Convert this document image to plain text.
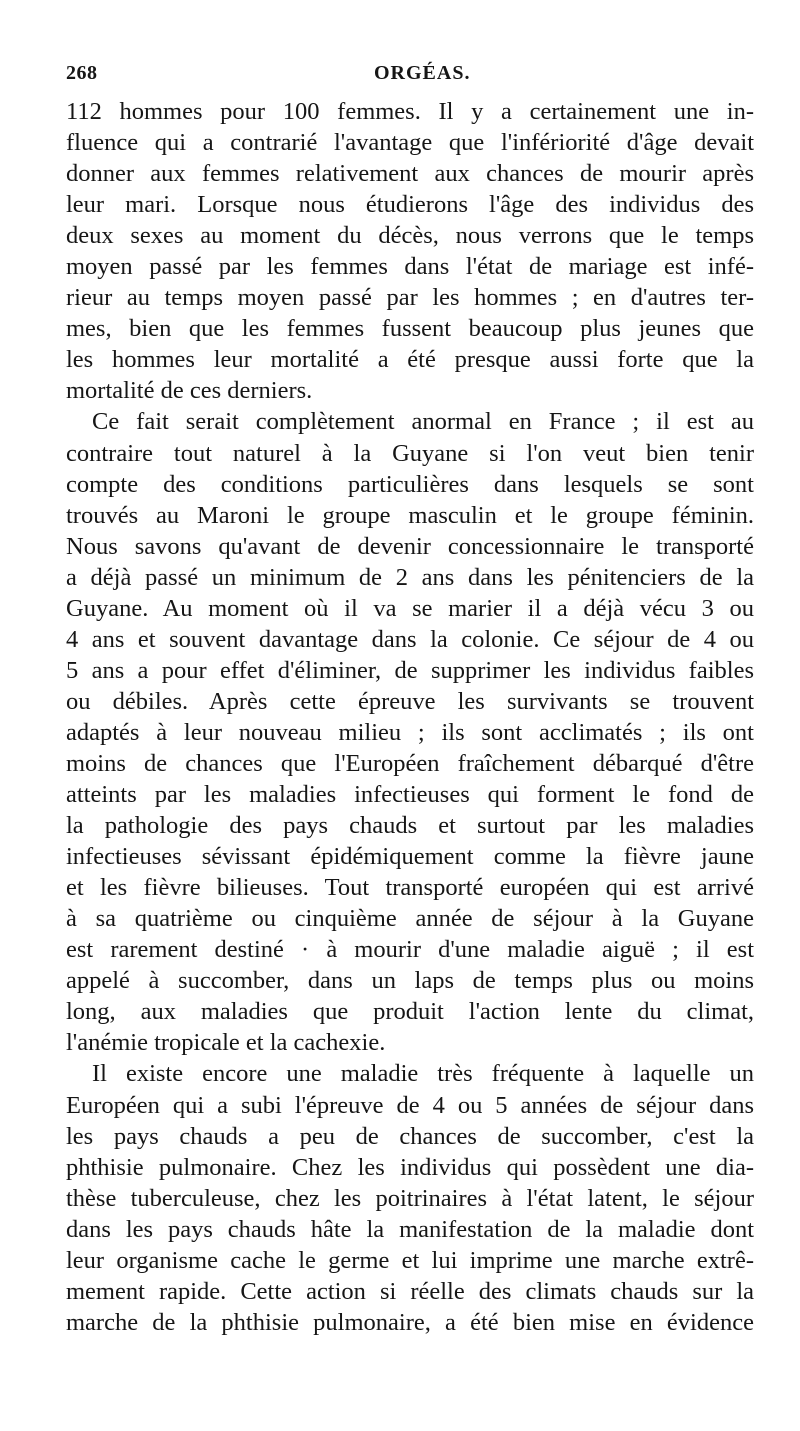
268	ORGÉAS.
112 hommes pour 100 femmes. Il y a certainement une in-
fluence qui a contrarié l'avantage que l'infériorité d'âge devait
donner aux femmes relativement aux chances de mourir après
leur mari. Lorsque nous étudierons l'âge des individus des
deux sexes au moment du décès, nous verrons que le temps
moyen passé par les femmes dans l'état de mariage est infé-
rieur au temps moyen passé par les hommes ; en d'autres ter-
mes, bien que les femmes fussent beaucoup plus jeunes que
les hommes leur mortalité a été presque aussi forte que la
mortalité de ces derniers.
Ce fait serait complètement anormal en France ; il est au
contraire tout naturel à la Guyane si l'on veut bien tenir
compte des conditions particulières dans lesquels se sont
trouvés au Maroni le groupe masculin et le groupe féminin.
Nous savons qu'avant de devenir concessionnaire le transporté
a déjà passé un minimum de 2 ans dans les pénitenciers de la
Guyane. Au moment où il va se marier il a déjà vécu 3 ou
4 ans et souvent davantage dans la colonie. Ce séjour de 4 ou
5 ans a pour effet d'éliminer, de supprimer les individus faibles
ou débiles. Après cette épreuve les survivants se trouvent
adaptés à leur nouveau milieu ; ils sont acclimatés ; ils ont
moins de chances que l'Européen fraîchement débarqué d'être
atteints par les maladies infectieuses qui forment le fond de
la pathologie des pays chauds et surtout par les maladies
infectieuses sévissant épidémiquement comme la fièvre jaune
et les fièvre bilieuses. Tout transporté européen qui est arrivé
à sa quatrième ou cinquième année de séjour à la Guyane
est rarement destiné · à mourir d'une maladie aiguë ; il est
appelé à succomber, dans un laps de temps plus ou moins
long, aux maladies que produit l'action lente du climat,
l'anémie tropicale et la cachexie.
Il existe encore une maladie très fréquente à laquelle un
Européen qui a subi l'épreuve de 4 ou 5 années de séjour dans
les pays chauds a peu de chances de succomber, c'est la
phthisie pulmonaire. Chez les individus qui possèdent une dia-
thèse tuberculeuse, chez les poitrinaires à l'état latent, le séjour
dans les pays chauds hâte la manifestation de la maladie dont
leur organisme cache le germe et lui imprime une marche extrê-
mement rapide. Cette action si réelle des climats chauds sur la
marche de la phthisie pulmonaire, a été bien mise en évidence
